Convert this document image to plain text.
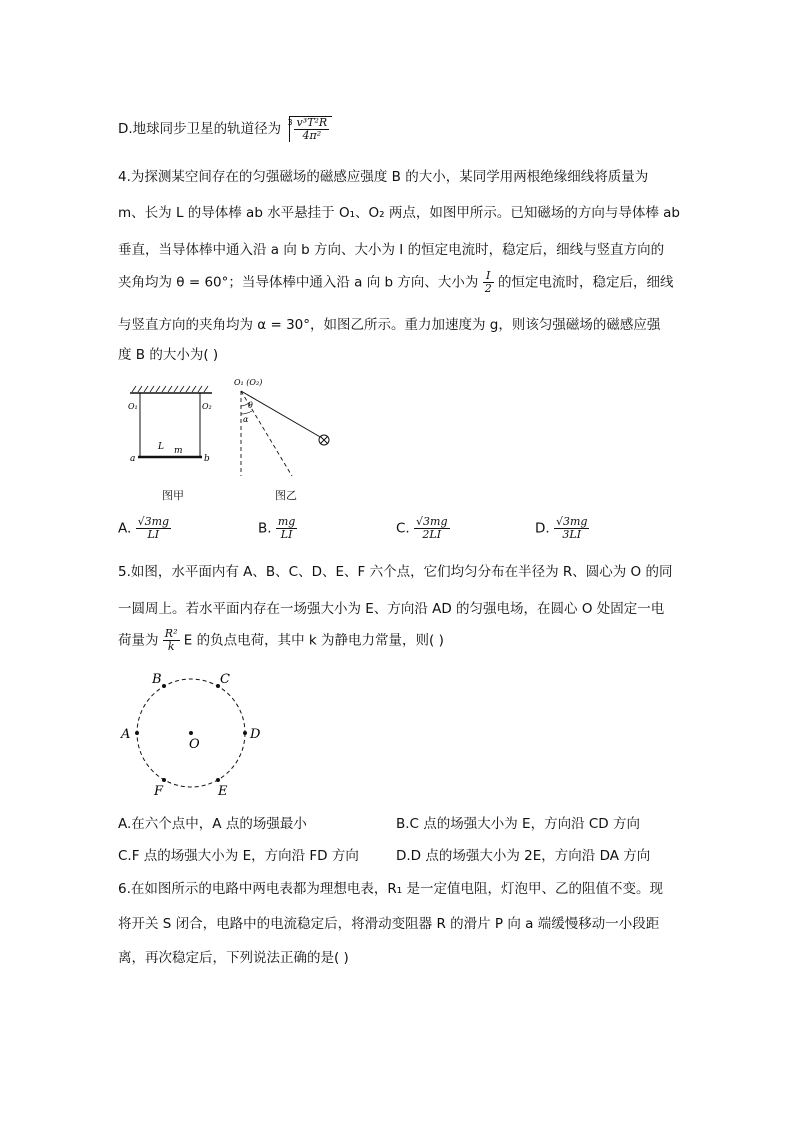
D.地球同步卫星的轨道径为 $3 \frac{\text{v³T²R}}{\text{4π²}}$
4.为探测某空间存在的匀强磁场的磁感应强度 B 的大小，某同学用两根绝缘细线将质量为
m、长为 L 的导体棒 ab 水平悬挂于 O₁、O₂ 两点，如图甲所示。已知磁场的方向与导体棒 ab
垂直，当导体棒中通入沿 a 向 b 方向、大小为 I 的恒定电流时，稳定后，细线与竖直方向的
夹角均为 θ = 60°；当导体棒中通入沿 a 向 b 方向、大小为 $\frac{I}{2}$ 的恒定电流时，稳定后，细线
与竖直方向的夹角均为 α = 30°，如图乙所示。重力加速度为 g，则该匀强磁场的磁感应强
度 B 的大小为( )
O₁	O₂
L m
a	b
图甲
O₁ (O₂)
θ
α
图乙
A. $\frac{√3mg}{LI}$	B. $\frac{mg}{LI}$	C. $\frac{√3mg}{2LI}$	D. $\frac{√3mg}{3LI}$
5.如图，水平面内有 A、B、C、D、E、F 六个点，它们均匀分布在半径为 R、圆心为 O 的同
一圆周上。若水平面内存在一场强大小为 E、方向沿 AD 的匀强电场，在圆心 O 处固定一电
荷量为 $\frac{\text{R²}}{k}$ E 的负点电荷，其中 k 为静电力常量，则( )
A	D
B	C
F	E
O
A.在六个点中，A 点的场强最小	B.C 点的场强大小为 E，方向沿 CD 方向
C.F 点的场强大小为 E，方向沿 FD 方向	D.D 点的场强大小为 2E，方向沿 DA 方向
6.在如图所示的电路中两电表都为理想电表，R₁ 是一定值电阻，灯泡甲、乙的阻值不变。现
将开关 S 闭合，电路中的电流稳定后，将滑动变阻器 R 的滑片 P 向 a 端缓慢移动一小段距
离，再次稳定后，下列说法正确的是( )
